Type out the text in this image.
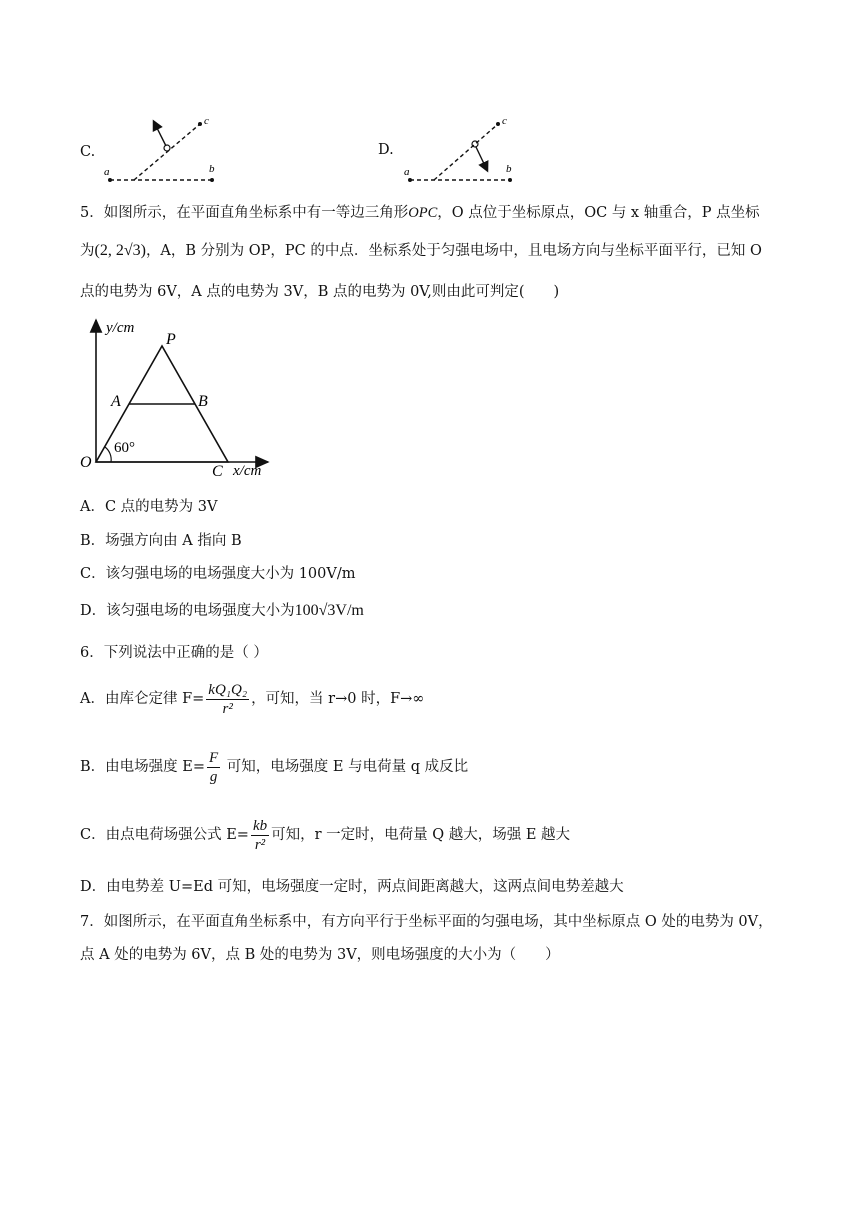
C.
a	b
c
D.
a	b
c
5．如图所示，在平面直角坐标系中有一等边三角形OPC，O 点位于坐标原点，OC 与 x 轴重合，P 点坐标
为(2, 2√3)，A，B 分别为 OP，PC 的中点．坐标系处于匀强电场中，且电场方向与坐标平面平行，已知 O
点的电势为 6V，A 点的电势为 3V，B 点的电势为 0V,则由此可判定(　　)
y/cm
x/cm
P
A	B
O
C
60°
A．C 点的电势为 3V
B．场强方向由 A 指向 B
C．该匀强电场的电场强度大小为 100V/m
D．该匀强电场的电场强度大小为100√3V/m
6．下列说法中正确的是（ ）
A．由库仑定律 $F= \frac{\text{kQ₁Q₂}}{\text{r²}}$ ，可知，当 r→0 时，F→∞
B．由电场强度 $E= \frac{F}{g}$ 可知，电场强度 E 与电荷量 q 成反比
C．由点电荷场强公式 $E= \frac{kb}{\text{r²}}$ 可知，r 一定时，电荷量 Q 越大，场强 E 越大
D．由电势差 U=Ed 可知，电场强度一定时，两点间距离越大，这两点间电势差越大
7．如图所示，在平面直角坐标系中，有方向平行于坐标平面的匀强电场，其中坐标原点 O 处的电势为 0V，
点 A 处的电势为 6V，点 B 处的电势为 3V，则电场强度的大小为（　　）
